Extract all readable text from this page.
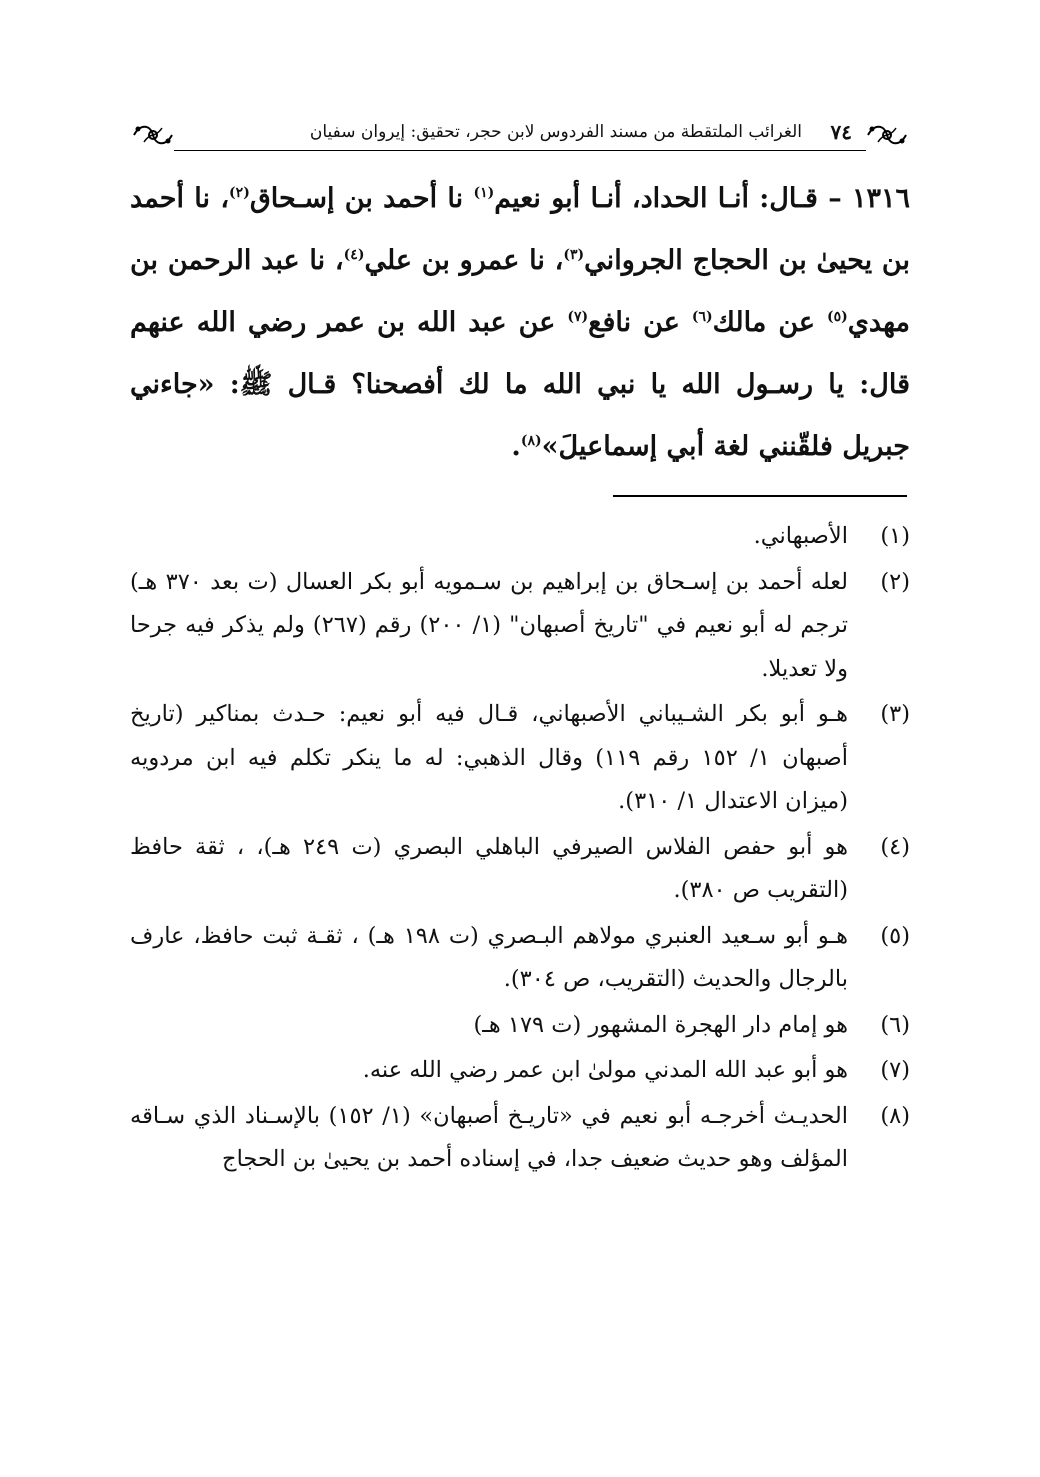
الغرائب الملتقطة من مسند الفردوس لابن حجر، تحقيق: إيروان سفيان ٧٤

١٣١٦ – قـال: أنـا الحداد، أنـا أبو نعيم$^{(١)}$ نا أحمد بن إسـحاق$^{(٢)}$، نا أحمد بن يحيىٰ بن الحجاج الجرواني$^{(٣)}$، نا عمرو بن علي$^{(٤)}$، نا عبد الرحمن بن مهدي$^{(٥)}$ عن مالك$^{(٦)}$ عن نافع$^{(٧)}$ عن عبد الله بن عمر رضي الله عنهم قال: يا رسـول الله يا نبي الله ما لك أفصحنا؟ قـال ﷺ: «جاءني جبريل فلقّنني لغة أبي إسماعيلَ»$^{(٨)}$.

(١)
الأصبهاني.
(٢)
لعله أحمد بن إسـحاق بن إبراهيم بن سـمويه أبو بكر العسال (ت بعد ٣٧٠ هـ) ترجم له أبو نعيم في "تاريخ أصبهان" (١/ ٢٠٠) رقم (٢٦٧) ولم يذكر فيه جرحا ولا تعديلا.
(٣)
هـو أبو بكر الشـيباني الأصبهاني، قـال فيه أبو نعيم: حـدث بمناكير (تاريخ أصبهان ١/ ١٥٢ رقم ١١٩) وقال الذهبي: له ما ينكر تكلم فيه ابن مردويه (ميزان الاعتدال ١/ ٣١٠).
(٤)
هو أبو حفص الفلاس الصيرفي الباهلي البصري (ت ٢٤٩ هـ)، ، ثقة حافظ (التقريب ص ٣٨٠).
(٥)
هـو أبو سـعيد العنبري مولاهم البـصري (ت ١٩٨ هـ) ، ثقـة ثبت حافظ، عارف بالرجال والحديث (التقريب، ص ٣٠٤).
(٦)
هو إمام دار الهجرة المشهور (ت ١٧٩ هـ)
(٧)
هو أبو عبد الله المدني مولىٰ ابن عمر رضي الله عنه.
(٨)
الحديـث أخرجـه أبو نعيم في «تاريـخ أصبهان» (١/ ١٥٢) بالإسـناد الذي سـاقه المؤلف وهو حديث ضعيف جدا، في إسناده أحمد بن يحيىٰ بن الحجاج
